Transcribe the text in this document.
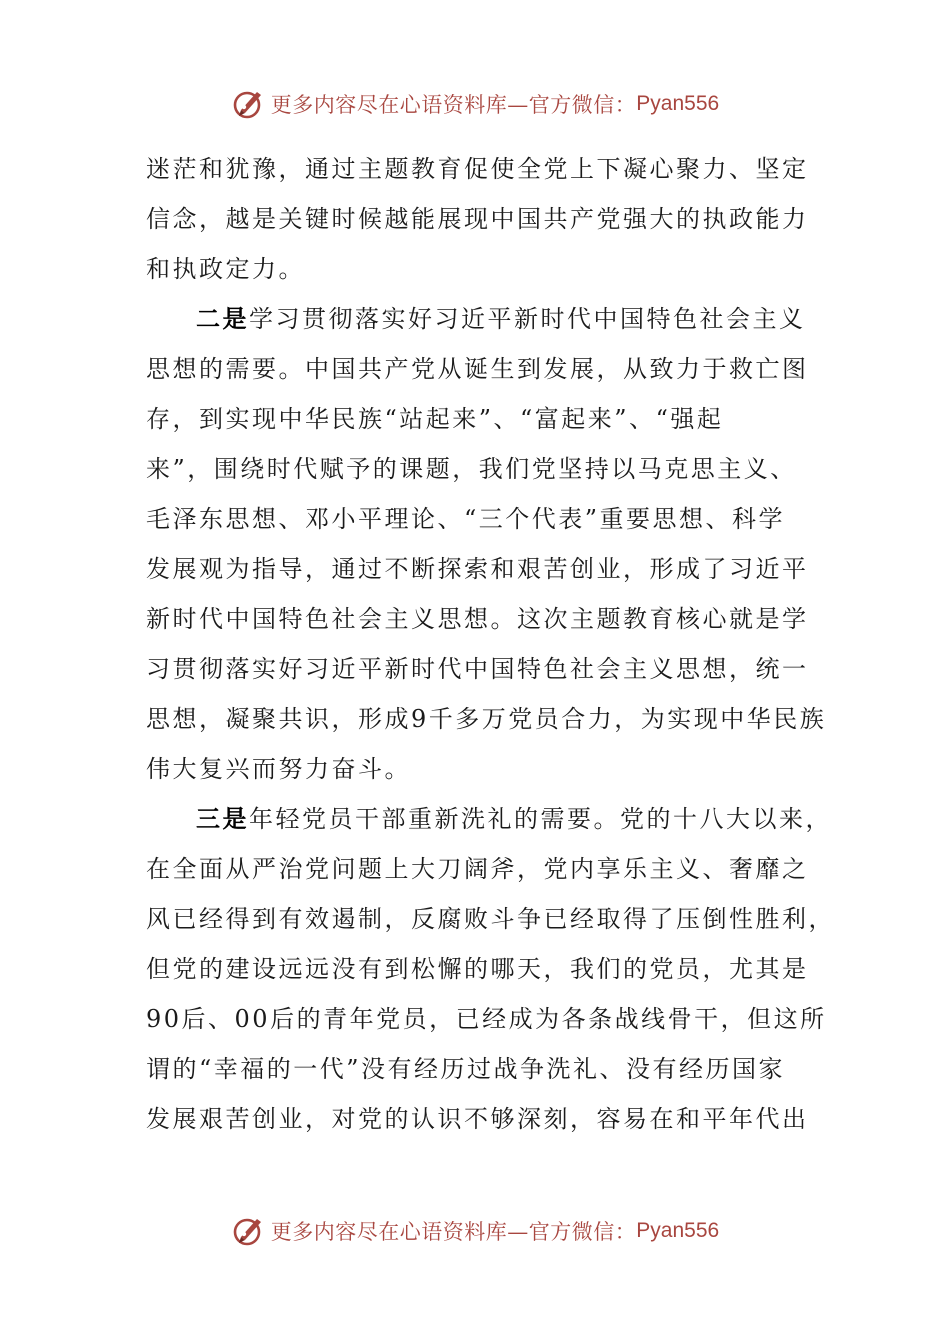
更多内容尽在心语资料库—官方微信： Pyan556
迷茫和犹豫，通过主题教育促使全党上下凝心聚力、坚定
信念，越是关键时候越能展现中国共产党强大的执政能力
和执政定力。
二是学习贯彻落实好习近平新时代中国特色社会主义
思想的需要。中国共产党从诞生到发展，从致力于救亡图
存，到实现中华民族“站起来”、“富起来”、“强起
来”，围绕时代赋予的课题，我们党坚持以马克思主义、
毛泽东思想、邓小平理论、“三个代表”重要思想、科学
发展观为指导，通过不断探索和艰苦创业，形成了习近平
新时代中国特色社会主义思想。这次主题教育核心就是学
习贯彻落实好习近平新时代中国特色社会主义思想，统一
思想，凝聚共识，形成9千多万党员合力，为实现中华民族
伟大复兴而努力奋斗。
三是年轻党员干部重新洗礼的需要。党的十八大以来，
在全面从严治党问题上大刀阔斧，党内享乐主义、奢靡之
风已经得到有效遏制，反腐败斗争已经取得了压倒性胜利，
但党的建设远远没有到松懈的哪天，我们的党员，尤其是
90后、00后的青年党员，已经成为各条战线骨干，但这所
谓的“幸福的一代”没有经历过战争洗礼、没有经历国家
发展艰苦创业，对党的认识不够深刻，容易在和平年代出
更多内容尽在心语资料库—官方微信： Pyan556
